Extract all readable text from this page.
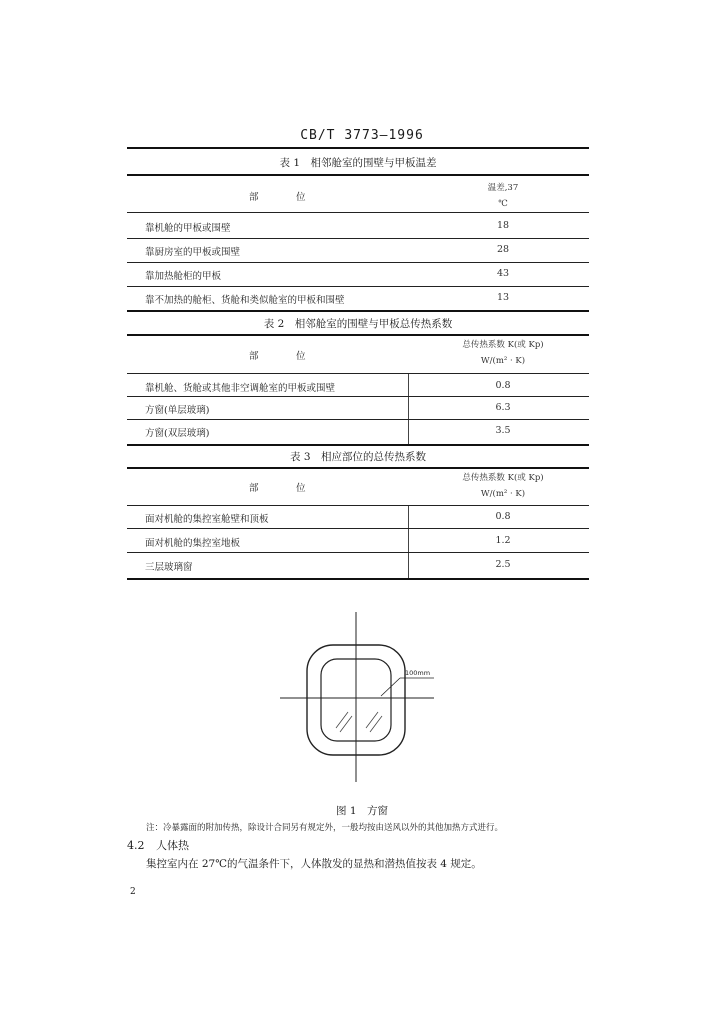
CB/T 3773—1996
表 1　相邻舱室的围壁与甲板温差
部　位
温差,37
℃
靠机舱的甲板或围壁	18
靠厨房室的甲板或围壁	28
靠加热舱柜的甲板	43
靠不加热的舱柜、货舱和类似舱室的甲板和围壁	13
表 2　相邻舱室的围壁与甲板总传热系数
部　位
总传热系数 K(或 Kp)
W/(m² · K)
靠机舱、货舱或其他非空调舱室的甲板或围壁	0.8
方窗(单层玻璃)	6.3
方窗(双层玻璃)	3.5
表 3　相应部位的总传热系数
部　位
总传热系数 K(或 Kp)
W/(m² · K)
面对机舱的集控室舱壁和顶板	0.8
面对机舱的集控室地板	1.2
三层玻璃窗	2.5
100mm
图 1　方窗
注：冷暴露面的附加传热，除设计合同另有规定外，一般均按由送风以外的其他加热方式进行。
4.2 人体热
集控室内在 27℃的气温条件下，人体散发的显热和潜热值按表 4 规定。
2
